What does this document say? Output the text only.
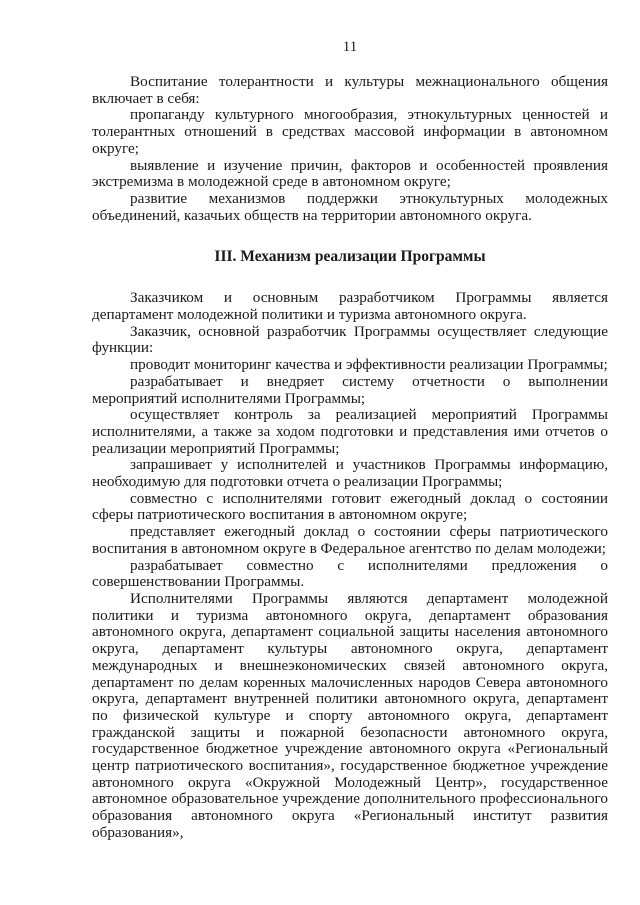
11

Воспитание толерантности и культуры межнационального общения включает в себя:

пропаганду культурного многообразия, этнокультурных ценностей и толерантных отношений в средствах массовой информации в автономном округе;

выявление и изучение причин, факторов и особенностей проявления экстремизма в молодежной среде в автономном округе;

развитие механизмов поддержки этнокультурных молодежных объединений, казачьих обществ на территории автономного округа.

III. Механизм реализации Программы

Заказчиком и основным разработчиком Программы является департамент молодежной политики и туризма автономного округа.

Заказчик, основной разработчик Программы осуществляет следующие функции:

проводит мониторинг качества и эффективности реализации Программы;

разрабатывает и внедряет систему отчетности о выполнении мероприятий исполнителями Программы;

осуществляет контроль за реализацией мероприятий Программы исполнителями, а также за ходом подготовки и представления ими отчетов о реализации мероприятий Программы;

запрашивает у исполнителей и участников Программы информацию, необходимую для подготовки отчета о реализации Программы;

совместно с исполнителями готовит ежегодный доклад о состоянии сферы патриотического воспитания в автономном округе;

представляет ежегодный доклад о состоянии сферы патриотического воспитания в автономном округе в Федеральное агентство по делам молодежи;

разрабатывает совместно с исполнителями предложения о совершенствовании Программы.

Исполнителями Программы являются департамент молодежной политики и туризма автономного округа, департамент образования автономного округа, департамент социальной защиты населения автономного округа, департамент культуры автономного округа, департамент международных и внешнеэкономических связей автономного округа, департамент по делам коренных малочисленных народов Севера автономного округа, департамент внутренней политики автономного округа, департамент по физической культуре и спорту автономного округа, департамент гражданской защиты и пожарной безопасности автономного округа, государственное бюджетное учреждение автономного округа «Региональный центр патриотического воспитания», государственное бюджетное учреждение автономного округа «Окружной Молодежный Центр», государственное автономное образовательное учреждение дополнительного профессионального образования автономного округа «Региональный институт развития образования»,
